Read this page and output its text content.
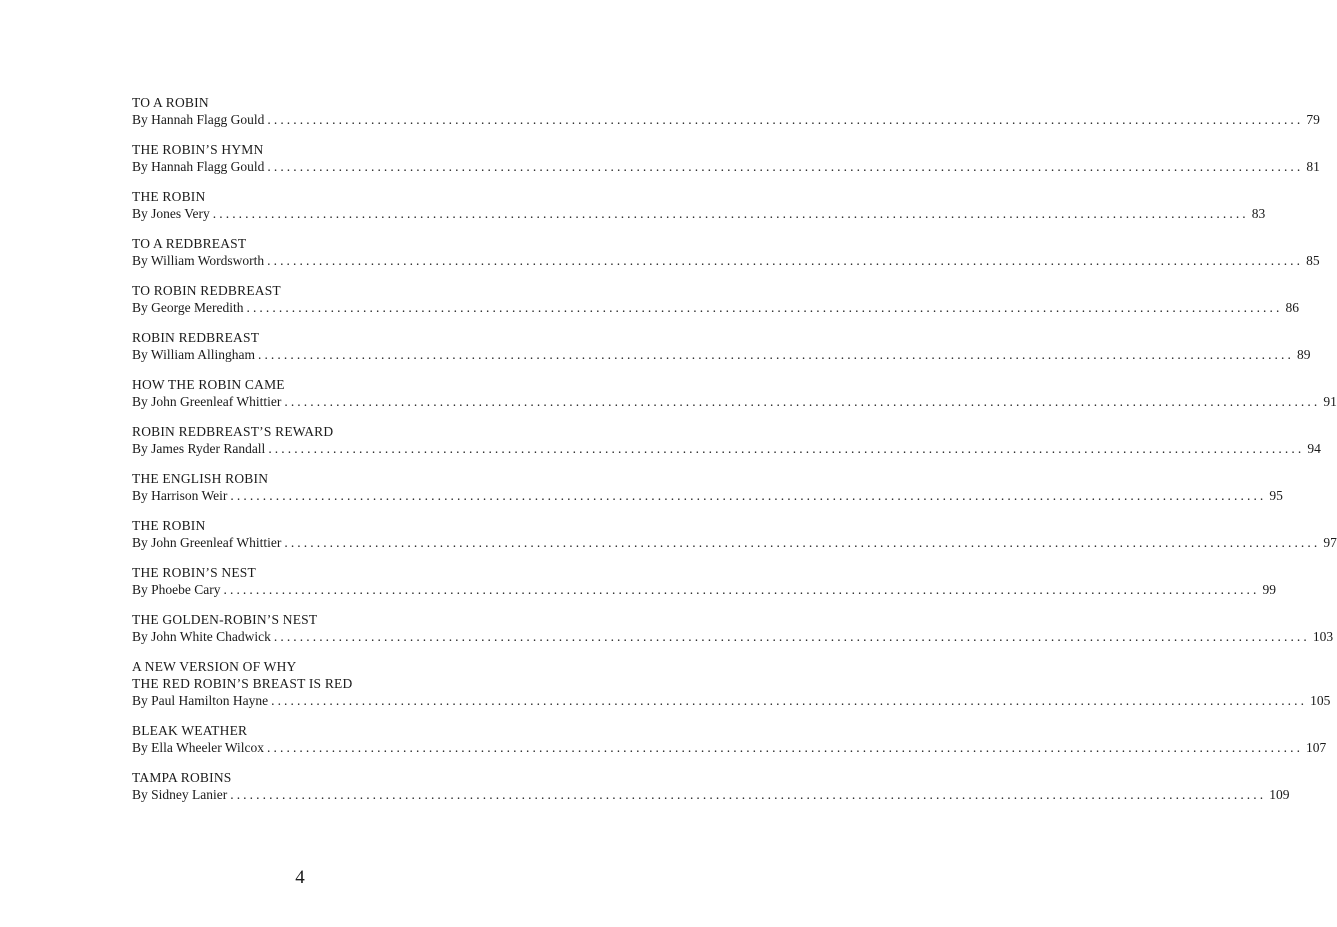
TO A ROBIN
By Hannah Flagg Gould ................................................................................................................................................................ 79
THE ROBIN’S HYMN
By Hannah Flagg Gould ................................................................................................................................................................ 81
THE ROBIN
By Jones Very ................................................................................................................................................................ 83
TO A REDBREAST
By William Wordsworth ................................................................................................................................................................ 85
TO ROBIN REDBREAST
By George Meredith ................................................................................................................................................................ 86
ROBIN REDBREAST
By William Allingham ................................................................................................................................................................ 89
HOW THE ROBIN CAME
By John Greenleaf Whittier ................................................................................................................................................................ 91
ROBIN REDBREAST’S REWARD
By James Ryder Randall ................................................................................................................................................................ 94
THE ENGLISH ROBIN
By Harrison Weir ................................................................................................................................................................ 95
THE ROBIN
By John Greenleaf Whittier ................................................................................................................................................................ 97
THE ROBIN’S NEST
By Phoebe Cary ................................................................................................................................................................ 99
THE GOLDEN-ROBIN’S NEST
By John White Chadwick ................................................................................................................................................................ 103
A NEW VERSION OF WHY
THE RED ROBIN’S BREAST IS RED
By Paul Hamilton Hayne ................................................................................................................................................................ 105
BLEAK WEATHER
By Ella Wheeler Wilcox ................................................................................................................................................................ 107
TAMPA ROBINS
By Sidney Lanier ................................................................................................................................................................ 109
4
